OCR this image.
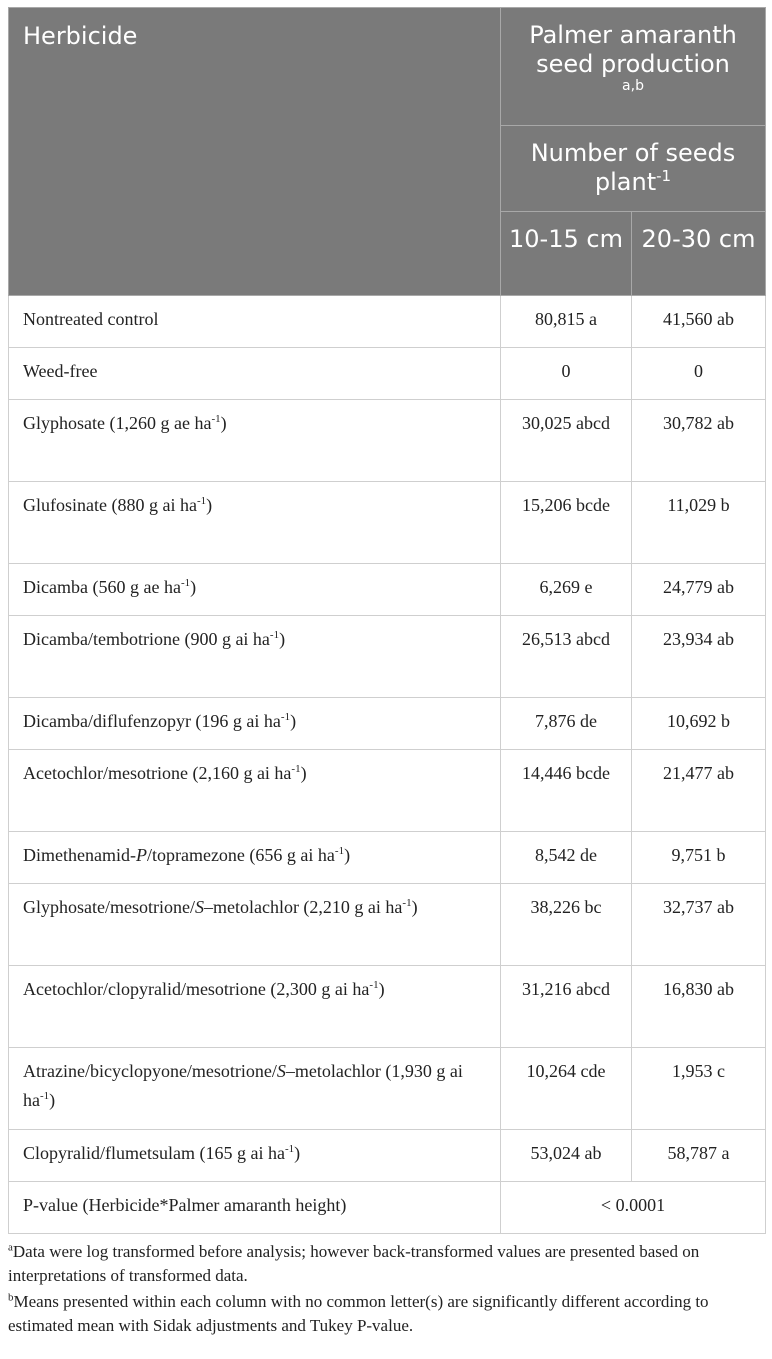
Herbicide	Palmer amaranth seed production
a,b	

	Number of seeds plant$^{-1}$
	10-15 cm	20-30 cm
Nontreated control	80,815 a	41,560 ab
Weed-free	0	0
Glyphosate (1,260 g ae $ha^{-1}$)	30,025 abcd	30,782 ab
Glufosinate (880 g ai $ha^{-1}$)	15,206 bcde	11,029 b
Dicamba (560 g ae $ha^{-1}$)	6,269 e	24,779 ab
Dicamba/tembotrione (900 g ai $ha^{-1}$)	26,513 abcd	23,934 ab
Dicamba/diflufenzopyr (196 g ai $ha^{-1}$)	7,876 de	10,692 b
Acetochlor/mesotrione (2,160 g ai $ha^{-1}$)	14,446 bcde	21,477 ab
Dimethenamid-P/topramezone (656 g ai $ha^{-1}$)	8,542 de	9,751 b
Glyphosate/mesotrione/S–metolachlor (2,210 g ai $ha^{-1}$)	38,226 bc	32,737 ab
Acetochlor/clopyralid/mesotrione (2,300 g ai $ha^{-1}$)	31,216 abcd	16,830 ab
Atrazine/bicyclopyone/mesotrione/S–metolachlor (1,930 g ai $ha^{-1}$)	10,264 cde	1,953 c
Clopyralid/flumetsulam (165 g ai $ha^{-1}$)	53,024 ab	58,787 a
P-value (Herbicide*Palmer amaranth height)	< 0.0001	

$^a$Data were log transformed before analysis; however back-transformed values are presented based on interpretations of transformed data.

$^b$Means presented within each column with no common letter(s) are significantly different according to estimated mean with Sidak adjustments and Tukey P-value.
